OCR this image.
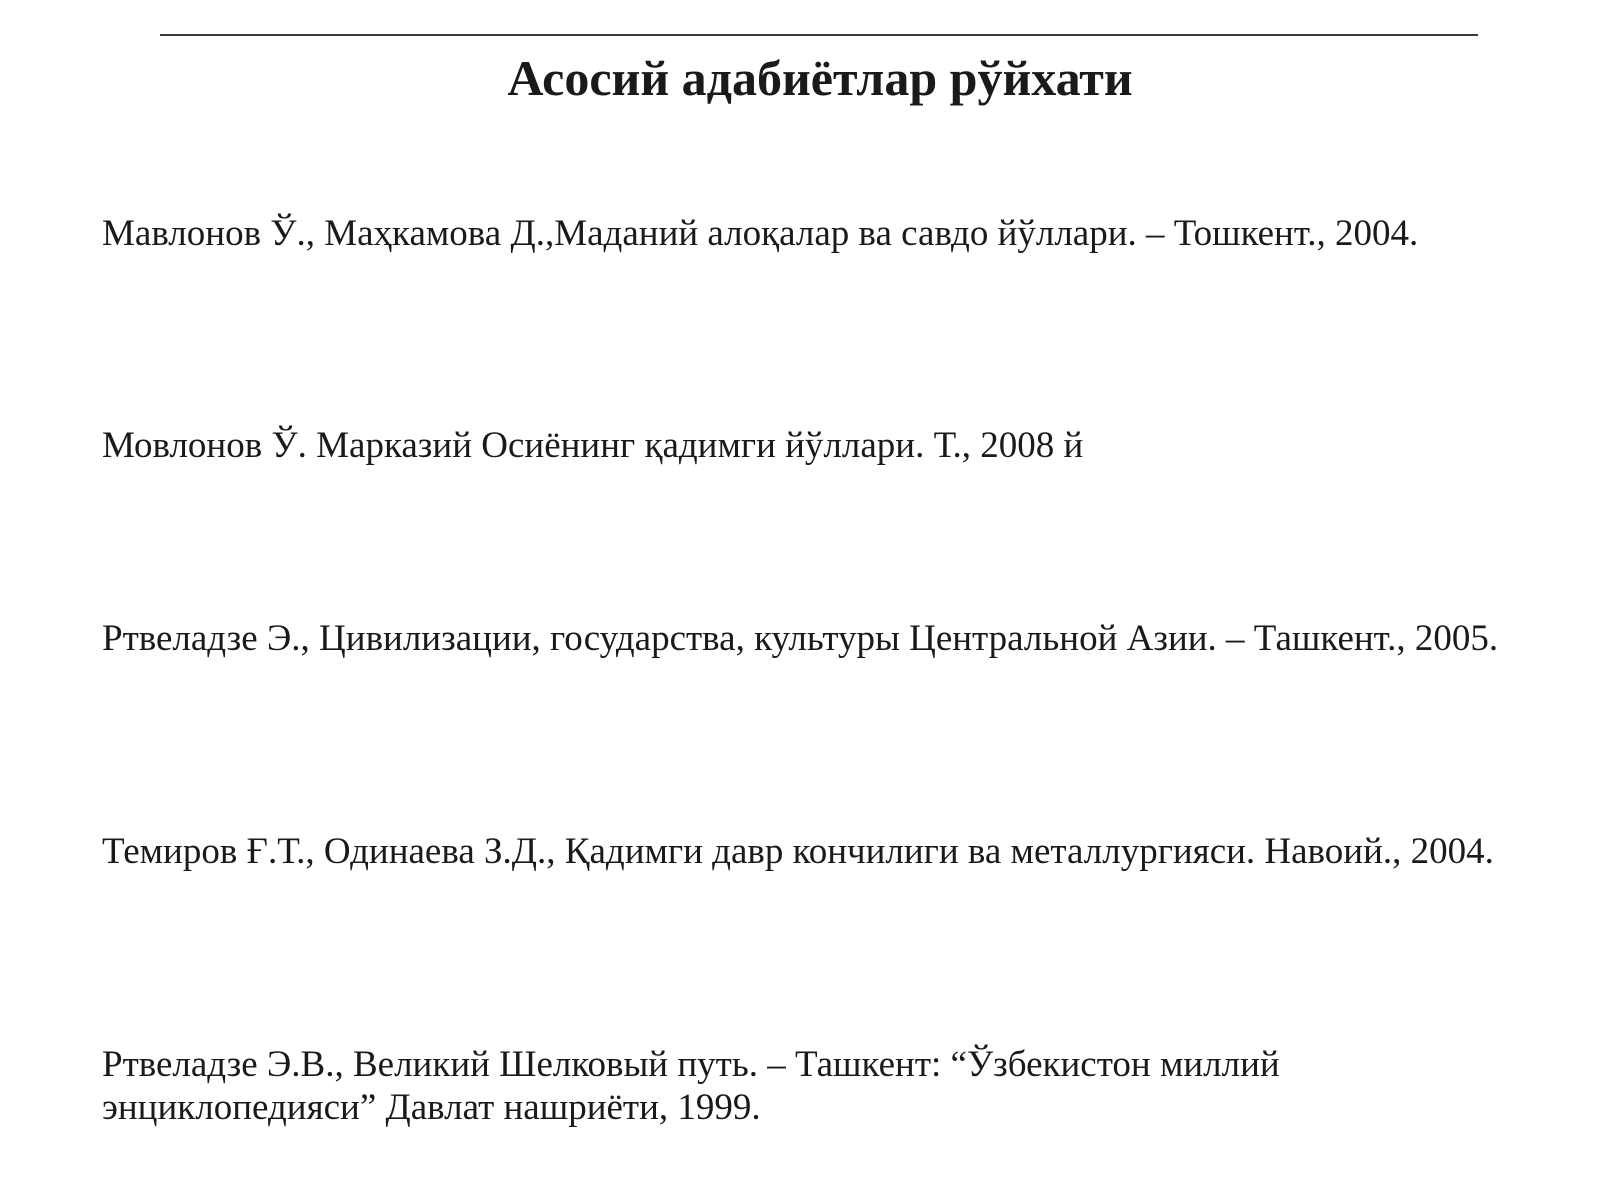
Асосий адабиётлар рўйхати

Мавлонов Ў., Маҳкамова Д.,Маданий алоқалар ва савдо йўллари. – Тошкент., 2004.

Мовлонов Ў. Марказий Осиёнинг қадимги йўллари. Т., 2008 й

Ртвеладзе Э., Цивилизации, государства, культуры Центральной Азии. – Ташкент., 2005.

Темиров Ғ.Т., Одинаева З.Д., Қадимги давр кончилиги ва металлургияси. Навоий., 2004.

Ртвеладзе Э.В., Великий Шелковый путь. – Ташкент: “Ўзбекистон миллий энциклопедияси” Давлат нашриёти, 1999.
